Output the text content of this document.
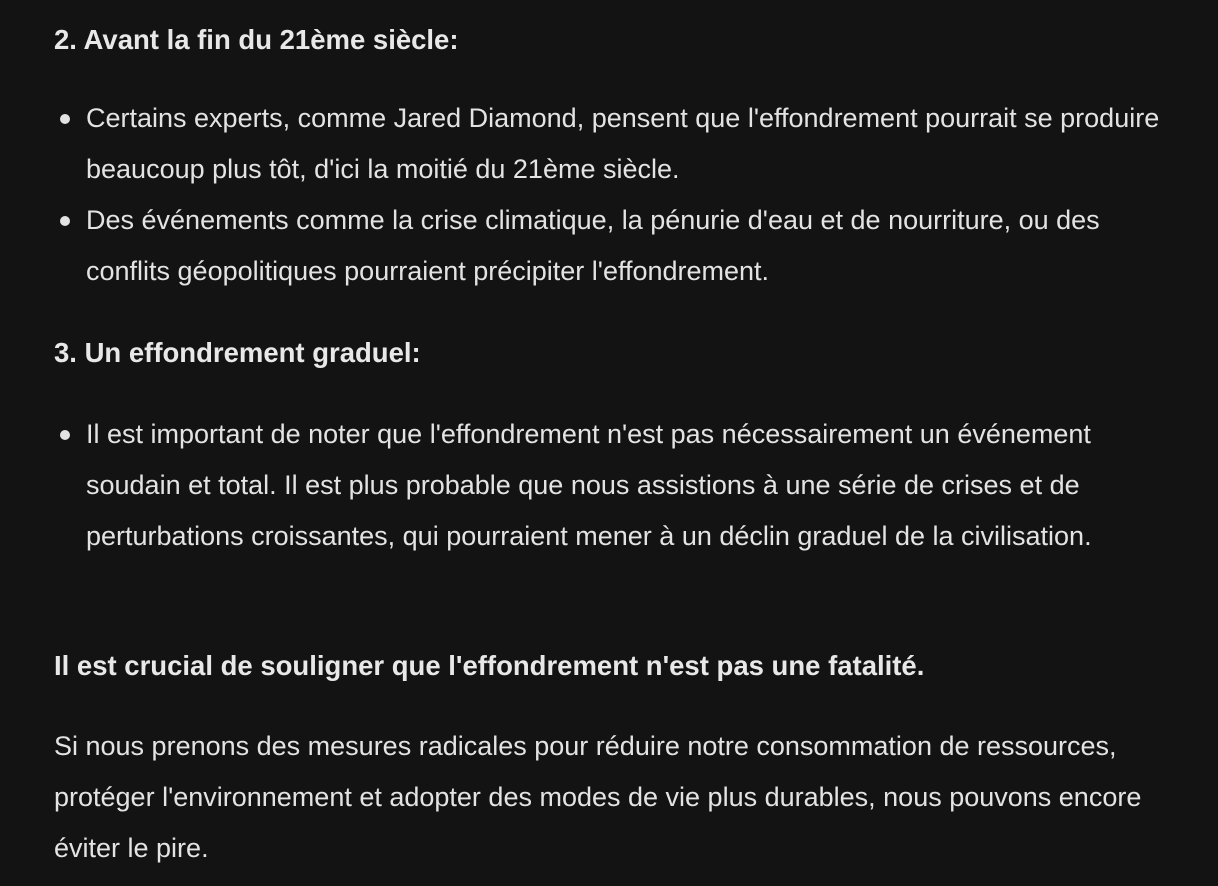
2. Avant la fin du 21ème siècle:
Certains experts, comme Jared Diamond, pensent que l'effondrement pourrait se produire beaucoup plus tôt, d'ici la moitié du 21ème siècle.
Des événements comme la crise climatique, la pénurie d'eau et de nourriture, ou des conflits géopolitiques pourraient précipiter l'effondrement.
3. Un effondrement graduel:
Il est important de noter que l'effondrement n'est pas nécessairement un événement soudain et total. Il est plus probable que nous assistions à une série de crises et de perturbations croissantes, qui pourraient mener à un déclin graduel de la civilisation.
Il est crucial de souligner que l'effondrement n'est pas une fatalité.

Si nous prenons des mesures radicales pour réduire notre consommation de ressources, protéger l'environnement et adopter des modes de vie plus durables, nous pouvons encore éviter le pire.
